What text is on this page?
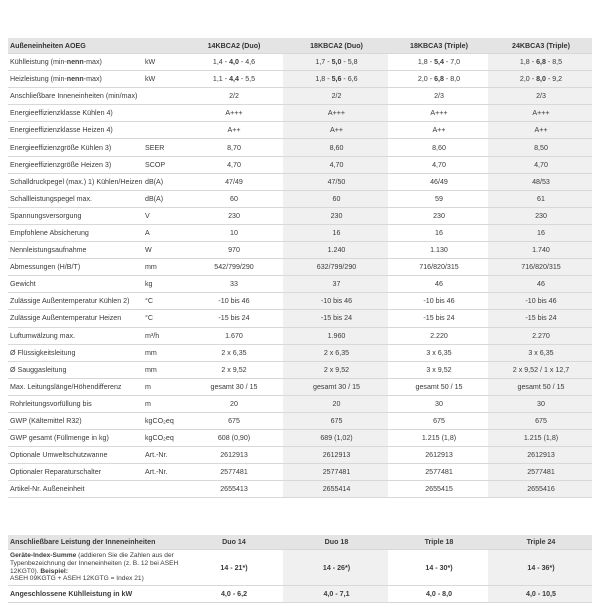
Außeneinheiten AOEG		14KBCA2 (Duo)	18KBCA2 (Duo)	18KBCA3 (Triple)	24KBCA3 (Triple)
Kühlleistung (min-nenn-max)	kW	1,4 - 4,0 - 4,6	1,7 - 5,0 - 5,8	1,8 - 5,4 - 7,0	1,8 - 6,8 - 8,5
Heizleistung (min-nenn-max)	kW	1,1 - 4,4 - 5,5	1,8 - 5,6 - 6,6	2,0 - 6,8 - 8,0	2,0 - 8,0 - 9,2
Anschließbare Inneneinheiten (min/max)		2/2	2/2	2/3	2/3
Energieeffizienzklasse Kühlen 4)		A+++	A+++	A+++	A+++
Energieeffizienzklasse Heizen 4)		A++	A++	A++	A++
Energieeffizienzgröße Kühlen 3)	SEER	8,70	8,60	8,60	8,50
Energieeffizienzgröße Heizen 3)	SCOP	4,70	4,70	4,70	4,70
Schalldruckpegel (max.) 1) Kühlen/Heizen	dB(A)	47/49	47/50	46/49	48/53
Schallleistungspegel max.	dB(A)	60	60	59	61
Spannungsversorgung	V	230	230	230	230
Empfohlene Absicherung	A	10	16	16	16
Nennleistungsaufnahme	W	970	1.240	1.130	1.740
Abmessungen (H/B/T)	mm	542/799/290	632/799/290	716/820/315	716/820/315
Gewicht	kg	33	37	46	46
Zulässige Außentemperatur Kühlen 2)	°C	-10 bis 46	-10 bis 46	-10 bis 46	-10 bis 46
Zulässige Außentemperatur Heizen	°C	-15 bis 24	-15 bis 24	-15 bis 24	-15 bis 24
Luftumwälzung max.	m³/h	1.670	1.960	2.220	2.270
Ø Flüssigkeitsleitung	mm	2 x 6,35	2 x 6,35	3 x 6,35	3 x 6,35
Ø Sauggasleitung	mm	2 x 9,52	2 x 9,52	3 x 9,52	2 x 9,52 / 1 x 12,7
Max. Leitungslänge/Höhendifferenz	m	gesamt 30 / 15	gesamt 30 / 15	gesamt 50 / 15	gesamt 50 / 15
Rohrleitungsvorfüllung bis	m	20	20	30	30
GWP (Kältemittel R32)	kgCO₂eq	675	675	675	675
GWP gesamt (Füllmenge in kg)	kgCO₂eq	608 (0,90)	689 (1,02)	1.215 (1,8)	1.215 (1,8)
Optionale Umweltschutzwanne	Art.-Nr.	2612913	2612913	2612913	2612913
Optionaler Reparaturschalter	Art.-Nr.	2577481	2577481	2577481	2577481
Artikel-Nr. Außeneinheit		2655413	2655414	2655415	2655416
Anschließbare Leistung der Inneneinheiten	Duo 14	Duo 18	Triple 18	Triple 24
Geräte-Index-Summe (addieren Sie die Zahlen aus der Typenbezeichnung der Inneneinheiten (z. B. 12 bei ASEH 12KGT0). Beispiel:
ASEH 09KGTG + ASEH 12KGTG = Index 21)	14 - 21*)	14 - 26*)	14 - 30*)	14 - 36*)
Angeschlossene Kühlleistung in kW	4,0 - 6,2	4,0 - 7,1	4,0 - 8,0	4,0 - 10,5
